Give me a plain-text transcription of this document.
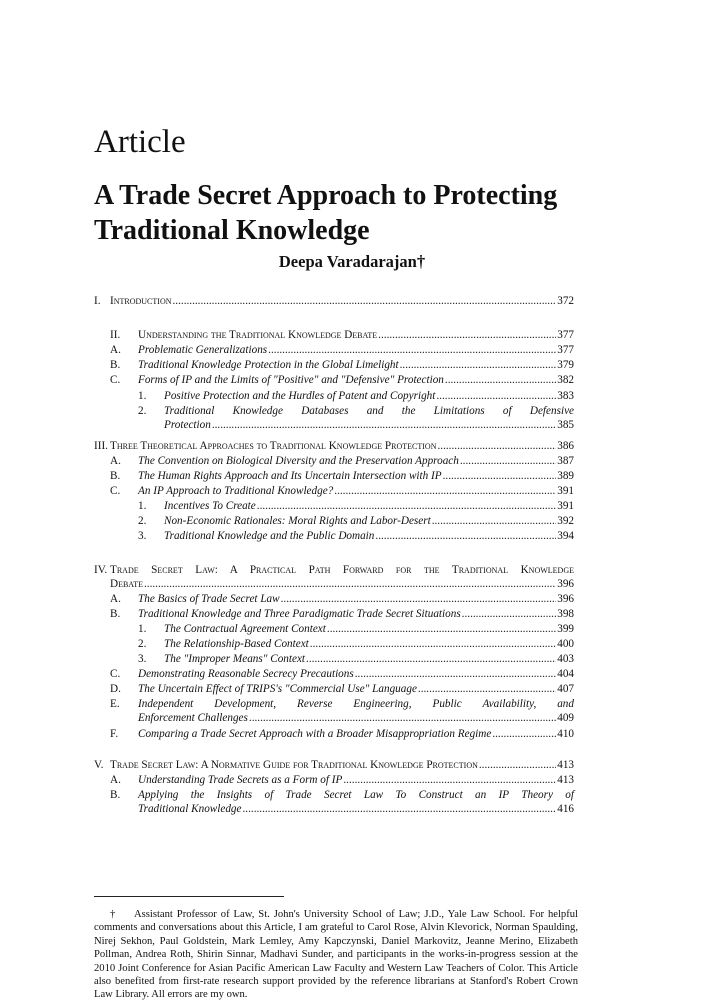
Article
A Trade Secret Approach to Protecting
Traditional Knowledge

Deepa Varadarajan†

I. Introduction .....	372
II. Understanding the Traditional Knowledge Debate .....	377
A. Problematic Generalizations .....	377
B. Traditional Knowledge Protection in the Global Limelight .....	379
C. Forms of IP and the Limits of "Positive" and "Defensive" Protection .....	382
1. Positive Protection and the Hurdles of Patent and Copyright .....	383
2. Traditional Knowledge Databases and the Limitations of Defensive
Protection .....	385
III. Three Theoretical Approaches to Traditional Knowledge Protection .....	386
A. The Convention on Biological Diversity and the Preservation Approach .....	387
B. The Human Rights Approach and Its Uncertain Intersection with IP .....	389
C. An IP Approach to Traditional Knowledge? .....	391
1. Incentives To Create .....	391
2. Non-Economic Rationales: Moral Rights and Labor-Desert .....	392
3. Traditional Knowledge and the Public Domain .....	394
IV. Trade Secret Law: A Practical Path Forward for the Traditional Knowledge
Debate .....	396
A. The Basics of Trade Secret Law .....	396
B. Traditional Knowledge and Three Paradigmatic Trade Secret Situations .....	398
1. The Contractual Agreement Context .....	399
2. The Relationship-Based Context .....	400
3. The "Improper Means" Context .....	403
C. Demonstrating Reasonable Secrecy Precautions .....	404
D. The Uncertain Effect of TRIPS's "Commercial Use" Language .....	407
E. Independent Development, Reverse Engineering, Public Availability, and
Enforcement Challenges .....	409
F. Comparing a Trade Secret Approach with a Broader Misappropriation Regime .....	410
V. Trade Secret Law: A Normative Guide for Traditional Knowledge Protection .....	413
A. Understanding Trade Secrets as a Form of IP .....	413
B. Applying the Insights of Trade Secret Law To Construct an IP Theory of
Traditional Knowledge .....	416

† Assistant Professor of Law, St. John's University School of Law; J.D., Yale Law School. For helpful comments and conversations about this Article, I am grateful to Carol Rose, Alvin Klevorick, Norman Spaulding, Nirej Sekhon, Paul Goldstein, Mark Lemley, Amy Kapczynski, Daniel Markovitz, Jeanne Merino, Elizabeth Pollman, Andrea Roth, Shirin Sinnar, Madhavi Sunder, and participants in the works-in-progress session at the 2010 Joint Conference for Asian Pacific American Law Faculty and Western Law Teachers of Color. This Article also benefited from first-rate research support provided by the reference librarians at Stanford's Robert Crown Law Library. All errors are my own.
